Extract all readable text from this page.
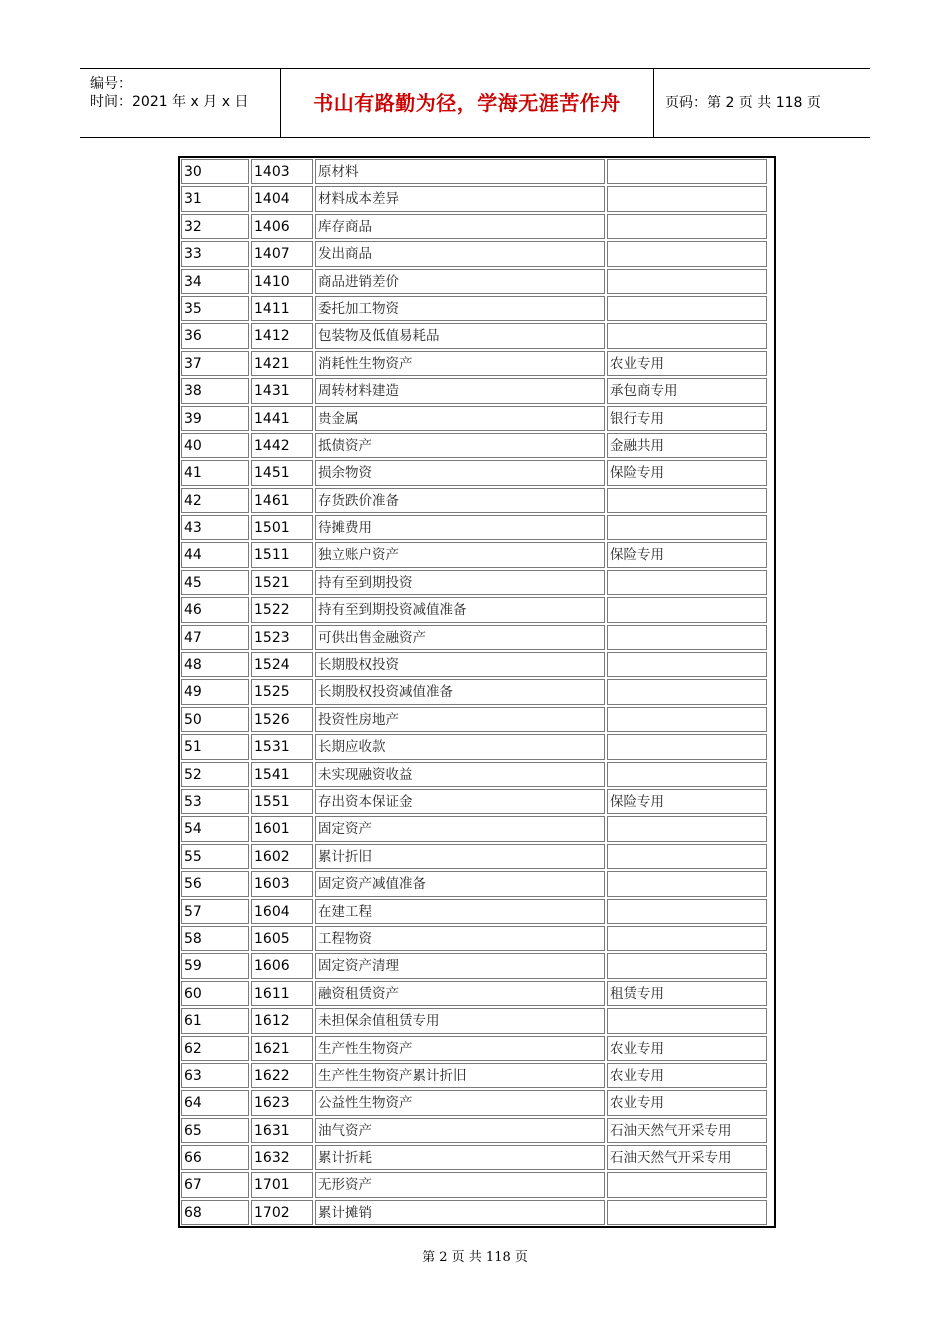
编号：
时间：2021 年 x 月 x 日	书山有路勤为径，学海无涯苦作舟	页码：第 2 页 共 118 页
30	1403	原材料
31	1404	材料成本差异
32	1406	库存商品
33	1407	发出商品
34	1410	商品进销差价
35	1411	委托加工物资
36	1412	包装物及低值易耗品
37	1421	消耗性生物资产	农业专用
38	1431	周转材料建造	承包商专用
39	1441	贵金属	银行专用
40	1442	抵债资产	金融共用
41	1451	损余物资	保险专用
42	1461	存货跌价准备
43	1501	待摊费用
44	1511	独立账户资产	保险专用
45	1521	持有至到期投资
46	1522	持有至到期投资减值准备
47	1523	可供出售金融资产
48	1524	长期股权投资
49	1525	长期股权投资减值准备
50	1526	投资性房地产
51	1531	长期应收款
52	1541	未实现融资收益
53	1551	存出资本保证金	保险专用
54	1601	固定资产
55	1602	累计折旧
56	1603	固定资产减值准备
57	1604	在建工程
58	1605	工程物资
59	1606	固定资产清理
60	1611	融资租赁资产	租赁专用
61	1612	未担保余值租赁专用
62	1621	生产性生物资产	农业专用
63	1622	生产性生物资产累计折旧	农业专用
64	1623	公益性生物资产	农业专用
65	1631	油气资产	石油天然气开采专用
66	1632	累计折耗	石油天然气开采专用
67	1701	无形资产
68	1702	累计摊销
第 2 页 共 118 页
